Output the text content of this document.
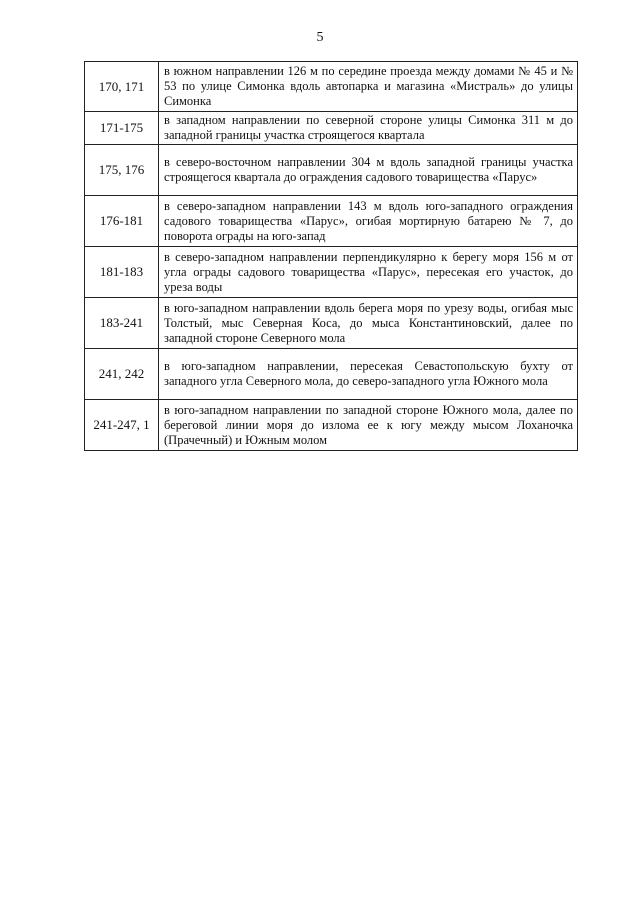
5
170, 171	в южном направлении 126 м по середине проезда между домами № 45 и № 53 по улице Симонка вдоль автопарка и магазина «Мистраль» до улицы Симонка
171-175	в западном направлении по северной стороне улицы Симонка 311 м до западной границы участка строящегося квартала
175, 176	в северо-восточном направлении 304 м вдоль западной границы участка строящегося квартала до ограждения садового товарищества «Парус»
176-181	в северо-западном направлении 143 м вдоль юго-западного ограждения садового товарищества «Парус», огибая мортирную батарею № 7, до поворота ограды на юго-запад
181-183	в северо-западном направлении перпендикулярно к берегу моря 156 м от угла ограды садового товарищества «Парус», пересекая его участок, до уреза воды
183-241	в юго-западном направлении вдоль берега моря по урезу воды, огибая мыс Толстый, мыс Северная Коса, до мыса Константиновский, далее по западной стороне Северного мола
241, 242	в юго-западном направлении, пересекая Севастопольскую бухту от западного угла Северного мола, до северо-западного угла Южного мола
241-247, 1	в юго-западном направлении по западной стороне Южного мола, далее по береговой линии моря до излома ее к югу между мысом Лоханочка (Прачечный) и Южным молом
